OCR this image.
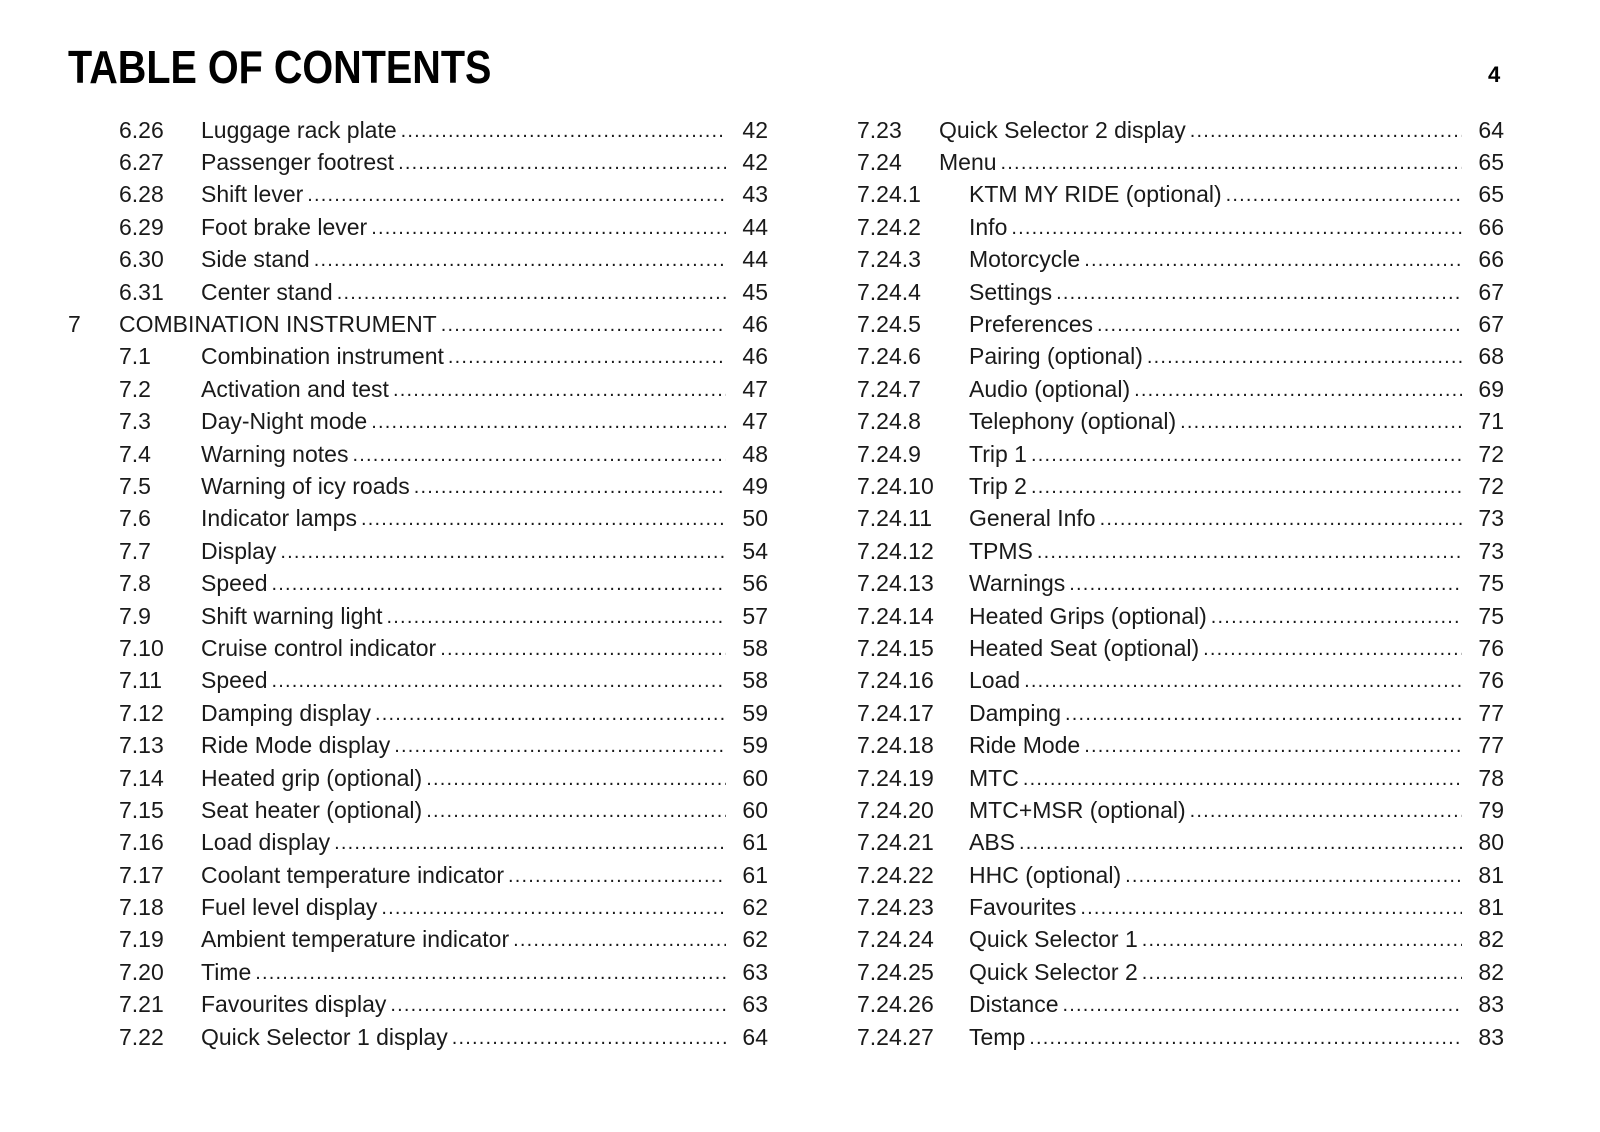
TABLE OF CONTENTS	4
6.26	Luggage rack plate .....	42
6.27	Passenger footrest .....	42
6.28	Shift lever .....	43
6.29	Foot brake lever .....	44
6.30	Side stand .....	44
6.31	Center stand .....	45
7	COMBINATION INSTRUMENT .....	46
7.1	Combination instrument .....	46
7.2	Activation and test .....	47
7.3	Day-Night mode .....	47
7.4	Warning notes .....	48
7.5	Warning of icy roads .....	49
7.6	Indicator lamps .....	50
7.7	Display .....	54
7.8	Speed .....	56
7.9	Shift warning light .....	57
7.10	Cruise control indicator .....	58
7.11	Speed .....	58
7.12	Damping display .....	59
7.13	Ride Mode display .....	59
7.14	Heated grip (optional) .....	60
7.15	Seat heater (optional) .....	60
7.16	Load display .....	61
7.17	Coolant temperature indicator .....	61
7.18	Fuel level display .....	62
7.19	Ambient temperature indicator .....	62
7.20	Time .....	63
7.21	Favourites display .....	63
7.22	Quick Selector 1 display .....	64
7.23	Quick Selector 2 display .....	64
7.24	Menu .....	65
7.24.1	KTM MY RIDE (optional) .....	65
7.24.2	Info .....	66
7.24.3	Motorcycle .....	66
7.24.4	Settings .....	67
7.24.5	Preferences .....	67
7.24.6	Pairing (optional) .....	68
7.24.7	Audio (optional) .....	69
7.24.8	Telephony (optional) .....	71
7.24.9	Trip 1 .....	72
7.24.10	Trip 2 .....	72
7.24.11	General Info .....	73
7.24.12	TPMS .....	73
7.24.13	Warnings .....	75
7.24.14	Heated Grips (optional) .....	75
7.24.15	Heated Seat (optional) .....	76
7.24.16	Load .....	76
7.24.17	Damping .....	77
7.24.18	Ride Mode .....	77
7.24.19	MTC .....	78
7.24.20	MTC+MSR (optional) .....	79
7.24.21	ABS .....	80
7.24.22	HHC (optional) .....	81
7.24.23	Favourites .....	81
7.24.24	Quick Selector 1 .....	82
7.24.25	Quick Selector 2 .....	82
7.24.26	Distance .....	83
7.24.27	Temp .....	83
